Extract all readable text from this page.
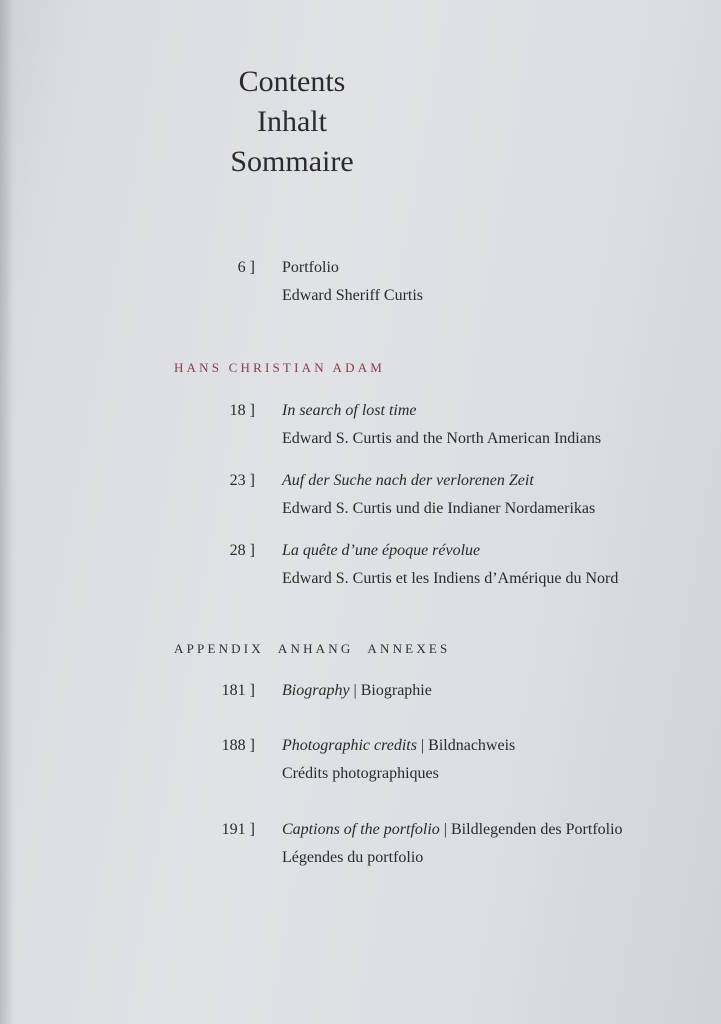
Contents
Inhalt
Sommaire
6 ] Portfolio
Edward Sheriff Curtis
HANS CHRISTIAN ADAM
18 ] In search of lost time
Edward S. Curtis and the North American Indians
23 ] Auf der Suche nach der verlorenen Zeit
Edward S. Curtis und die Indianer Nordamerikas
28 ] La quête d’une époque révolue
Edward S. Curtis et les Indiens d’Amérique du Nord
APPENDIX ANHANG ANNEXES
181 ] Biography | Biographie
188 ] Photographic credits | Bildnachweis
Crédits photographiques
191 ] Captions of the portfolio | Bildlegenden des Portfolio
Légendes du portfolio
